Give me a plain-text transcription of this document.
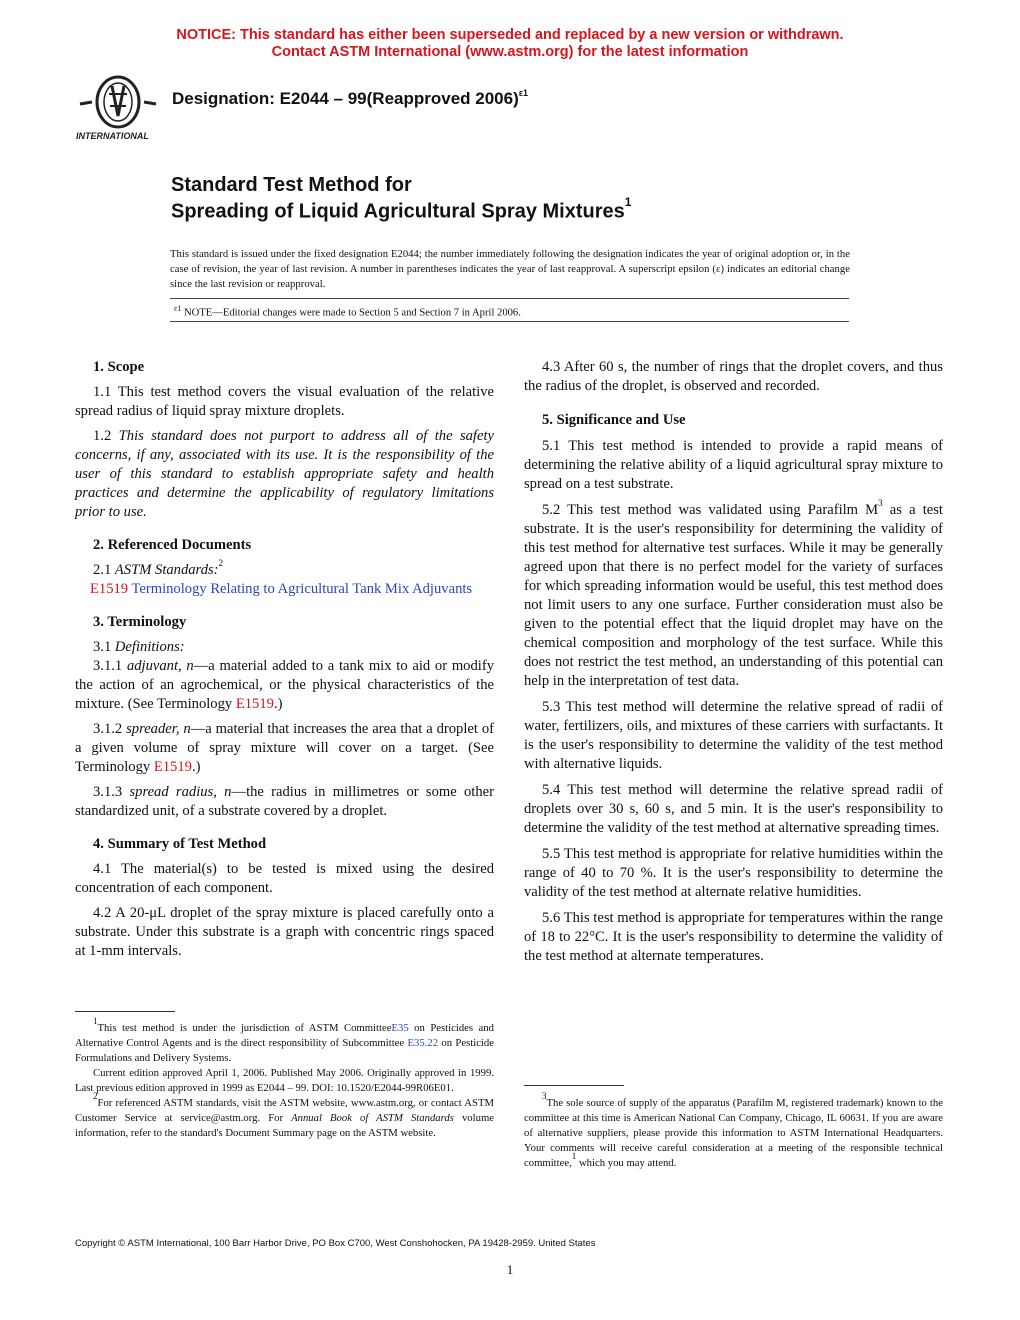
NOTICE: This standard has either been superseded and replaced by a new version or withdrawn.
Contact ASTM International (www.astm.org) for the latest information
INTERNATIONAL
Designation: E2044 – 99(Reapproved 2006)$^{\varepsilon 1}$
Standard Test Method for
Spreading of Liquid Agricultural Spray Mixtures$^1$
This standard is issued under the fixed designation E2044; the number immediately following the designation indicates the year of original adoption or, in the case of revision, the year of last revision. A number in parentheses indicates the year of last reapproval. A superscript epsilon (ε) indicates an editorial change since the last revision or reapproval.
$^{\varepsilon 1}$ NOTE—Editorial changes were made to Section 5 and Section 7 in April 2006.
1. Scope

1.1 This test method covers the visual evaluation of the relative spread radius of liquid spray mixture droplets.

1.2 This standard does not purport to address all of the safety concerns, if any, associated with its use. It is the responsibility of the user of this standard to establish appropriate safety and health practices and determine the applicability of regulatory limitations prior to use.

2. Referenced Documents

2.1 ASTM Standards:$^2$

E1519 Terminology Relating to Agricultural Tank Mix Adjuvants

3. Terminology

3.1 Definitions:

3.1.1 adjuvant, n—a material added to a tank mix to aid or modify the action of an agrochemical, or the physical characteristics of the mixture. (See Terminology E1519.)

3.1.2 spreader, n—a material that increases the area that a droplet of a given volume of spray mixture will cover on a target. (See Terminology E1519.)

3.1.3 spread radius, n—the radius in millimetres or some other standardized unit, of a substrate covered by a droplet.

4. Summary of Test Method

4.1 The material(s) to be tested is mixed using the desired concentration of each component.

4.2 A 20-μL droplet of the spray mixture is placed carefully onto a substrate. Under this substrate is a graph with concentric rings spaced at 1-mm intervals.

$^1$This test method is under the jurisdiction of ASTM CommitteeE35 on Pesticides and Alternative Control Agents and is the direct responsibility of Subcommittee E35.22 on Pesticide Formulations and Delivery Systems.

Current edition approved April 1, 2006. Published May 2006. Originally approved in 1999. Last previous edition approved in 1999 as E2044 – 99. DOI: 10.1520/E2044-99R06E01.

$^2$For referenced ASTM standards, visit the ASTM website, www.astm.org, or contact ASTM Customer Service at service@astm.org. For Annual Book of ASTM Standards volume information, refer to the standard's Document Summary page on the ASTM website.

4.3 After 60 s, the number of rings that the droplet covers, and thus the radius of the droplet, is observed and recorded.

5. Significance and Use

5.1 This test method is intended to provide a rapid means of determining the relative ability of a liquid agricultural spray mixture to spread on a test substrate.

5.2 This test method was validated using Parafilm $M^3$ as a test substrate. It is the user's responsibility for determining the validity of this test method for alternative test surfaces. While it may be generally agreed upon that there is no perfect model for the variety of surfaces for which spreading information would be useful, this test method does not limit users to any one surface. Further consideration must also be given to the potential effect that the liquid droplet may have on the chemical composition and morphology of the test surface. While this does not restrict the test method, an understanding of this potential can help in the interpretation of test data.

5.3 This test method will determine the relative spread of radii of water, fertilizers, oils, and mixtures of these carriers with surfactants. It is the user's responsibility to determine the validity of the test method with alternative liquids.

5.4 This test method will determine the relative spread radii of droplets over 30 s, 60 s, and 5 min. It is the user's responsibility to determine the validity of the test method at alternative spreading times.

5.5 This test method is appropriate for relative humidities within the range of 40 to 70 %. It is the user's responsibility to determine the validity of the test method at alternate relative humidities.

5.6 This test method is appropriate for temperatures within the range of 18 to 22°C. It is the user's responsibility to determine the validity of the test method at alternate temperatures.

$^3$The sole source of supply of the apparatus (Parafilm M, registered trademark) known to the committee at this time is American National Can Company, Chicago, IL 60631. If you are aware of alternative suppliers, please provide this information to ASTM International Headquarters. Your comments will receive careful consideration at a meeting of the responsible technical committee,$^1$ which you may attend.

Copyright © ASTM International, 100 Barr Harbor Drive, PO Box C700, West Conshohocken, PA 19428-2959. United States
1
